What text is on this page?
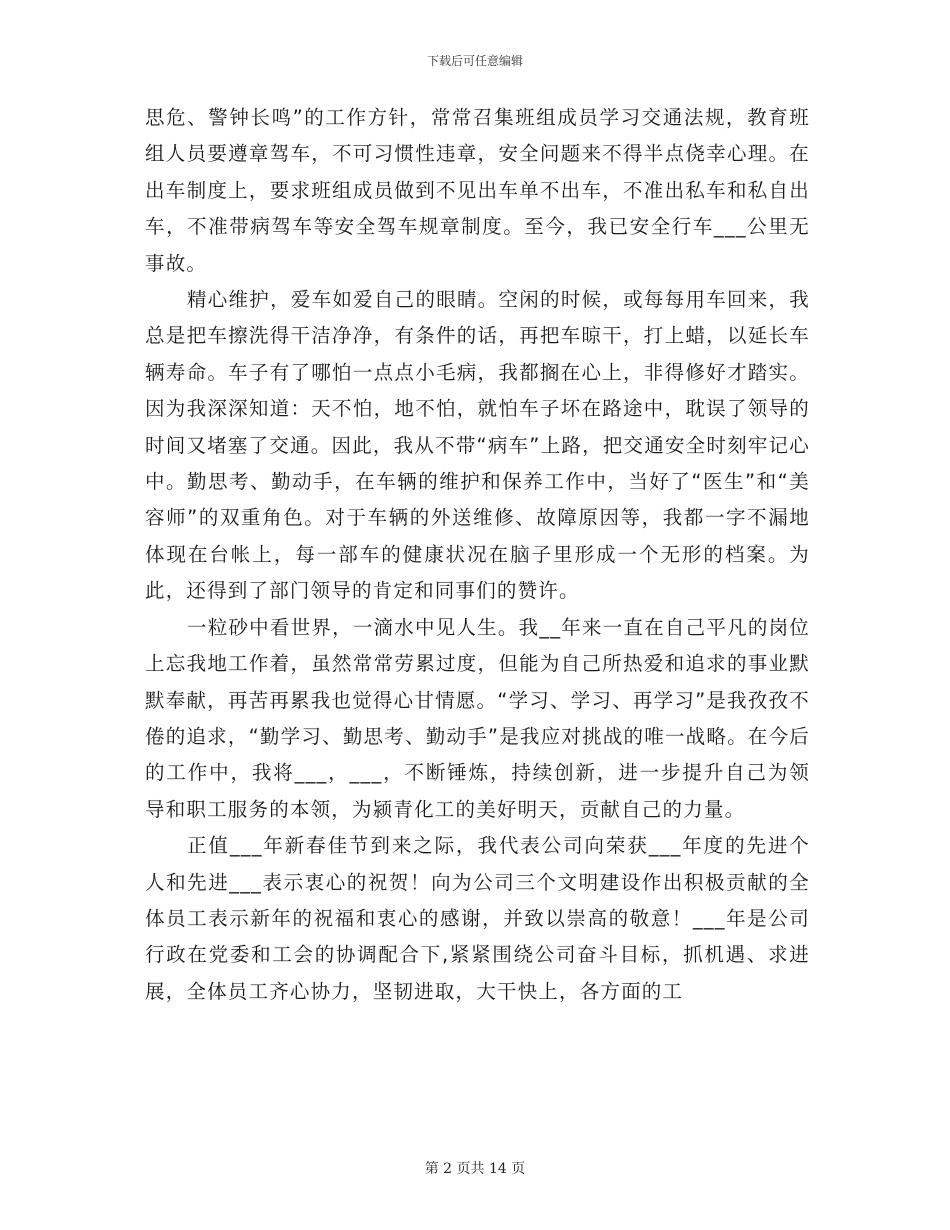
下载后可任意编辑

思危、警钟长鸣”的工作方针，常常召集班组成员学习交通法规，教育班组人员要遵章驾车，不可习惯性违章，安全问题来不得半点侥幸心理。在出车制度上，要求班组成员做到不见出车单不出车，不准出私车和私自出车，不准带病驾车等安全驾车规章制度。至今，我已安全行车___公里无事故。

精心维护，爱车如爱自己的眼睛。空闲的时候，或每每用车回来，我总是把车擦洗得干洁净净，有条件的话，再把车晾干，打上蜡，以延长车辆寿命。车子有了哪怕一点点小毛病，我都搁在心上，非得修好才踏实。因为我深深知道：天不怕，地不怕，就怕车子坏在路途中，耽误了领导的时间又堵塞了交通。因此，我从不带“病车”上路，把交通安全时刻牢记心中。勤思考、勤动手，在车辆的维护和保养工作中，当好了“医生”和“美容师”的双重角色。对于车辆的外送维修、故障原因等，我都一字不漏地体现在台帐上，每一部车的健康状况在脑子里形成一个无形的档案。为此，还得到了部门领导的肯定和同事们的赞许。

一粒砂中看世界，一滴水中见人生。我__年来一直在自己平凡的岗位上忘我地工作着，虽然常常劳累过度，但能为自己所热爱和追求的事业默默奉献，再苦再累我也觉得心甘情愿。“学习、学习、再学习”是我孜孜不倦的追求，“勤学习、勤思考、勤动手”是我应对挑战的唯一战略。在今后的工作中，我将___，___，不断锤炼，持续创新，进一步提升自己为领导和职工服务的本领，为颍青化工的美好明天，贡献自己的力量。

正值___年新春佳节到来之际，我代表公司向荣获___年度的先进个人和先进___表示衷心的祝贺！向为公司三个文明建设作出积极贡献的全体员工表示新年的祝福和衷心的感谢，并致以崇高的敬意！___年是公司行政在党委和工会的协调配合下,紧紧围绕公司奋斗目标，抓机遇、求进展，全体员工齐心协力，坚韧进取，大干快上，各方面的工

第 2 页共 14 页
